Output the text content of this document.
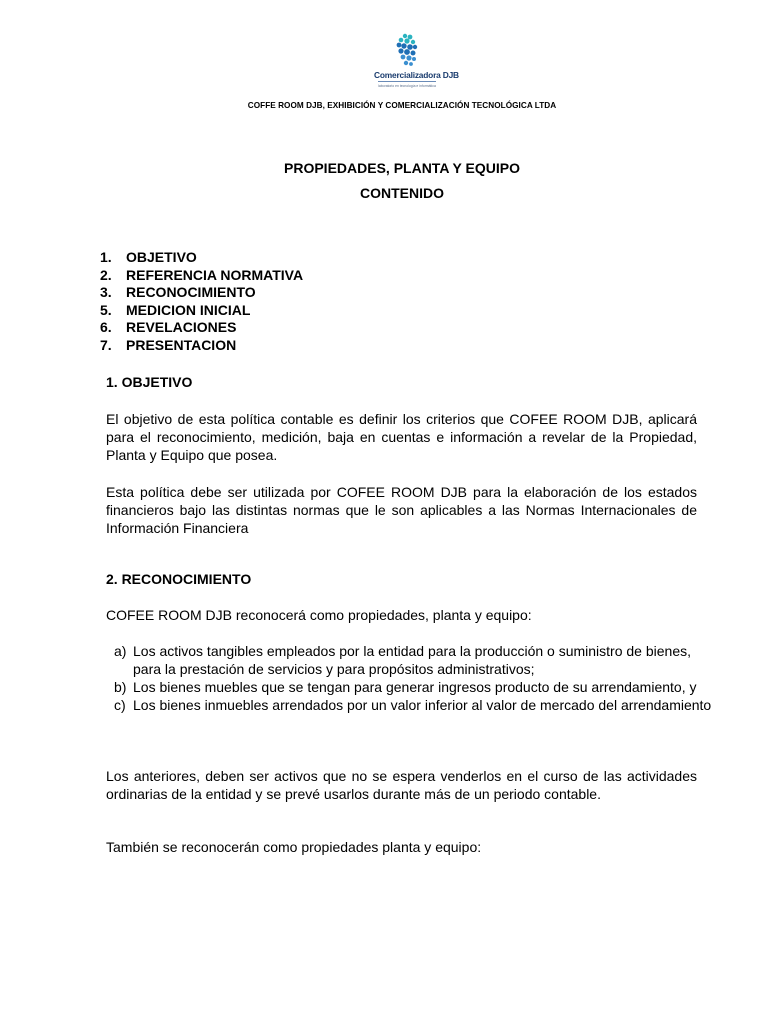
Comercializadora DJB
laboratorio en tecnología e informática
COFFE ROOM DJB, EXHIBICIÓN Y COMERCIALIZACIÓN TECNOLÓGICA LTDA
PROPIEDADES, PLANTA Y EQUIPO
CONTENIDO
1. OBJETIVO
2. REFERENCIA NORMATIVA
3. RECONOCIMIENTO
5. MEDICION INICIAL
6. REVELACIONES
7. PRESENTACION
1. OBJETIVO

El objetivo de esta política contable es definir los criterios que COFEE ROOM DJB, aplicará para el reconocimiento, medición, baja en cuentas e información a revelar de la Propiedad, Planta y Equipo que posea.

Esta política debe ser utilizada por COFEE ROOM DJB para la elaboración de los estados financieros bajo las distintas normas que le son aplicables a las Normas Internacionales de Información Financiera

2. RECONOCIMIENTO

COFEE ROOM DJB reconocerá como propiedades, planta y equipo:

a) Los activos tangibles empleados por la entidad para la producción o suministro de bienes, para la prestación de servicios y para propósitos administrativos;
b) Los bienes muebles que se tengan para generar ingresos producto de su arrendamiento, y
c) Los bienes inmuebles arrendados por un valor inferior al valor de mercado del arrendamiento

Los anteriores, deben ser activos que no se espera venderlos en el curso de las actividades ordinarias de la entidad y se prevé usarlos durante más de un periodo contable.

También se reconocerán como propiedades planta y equipo:
